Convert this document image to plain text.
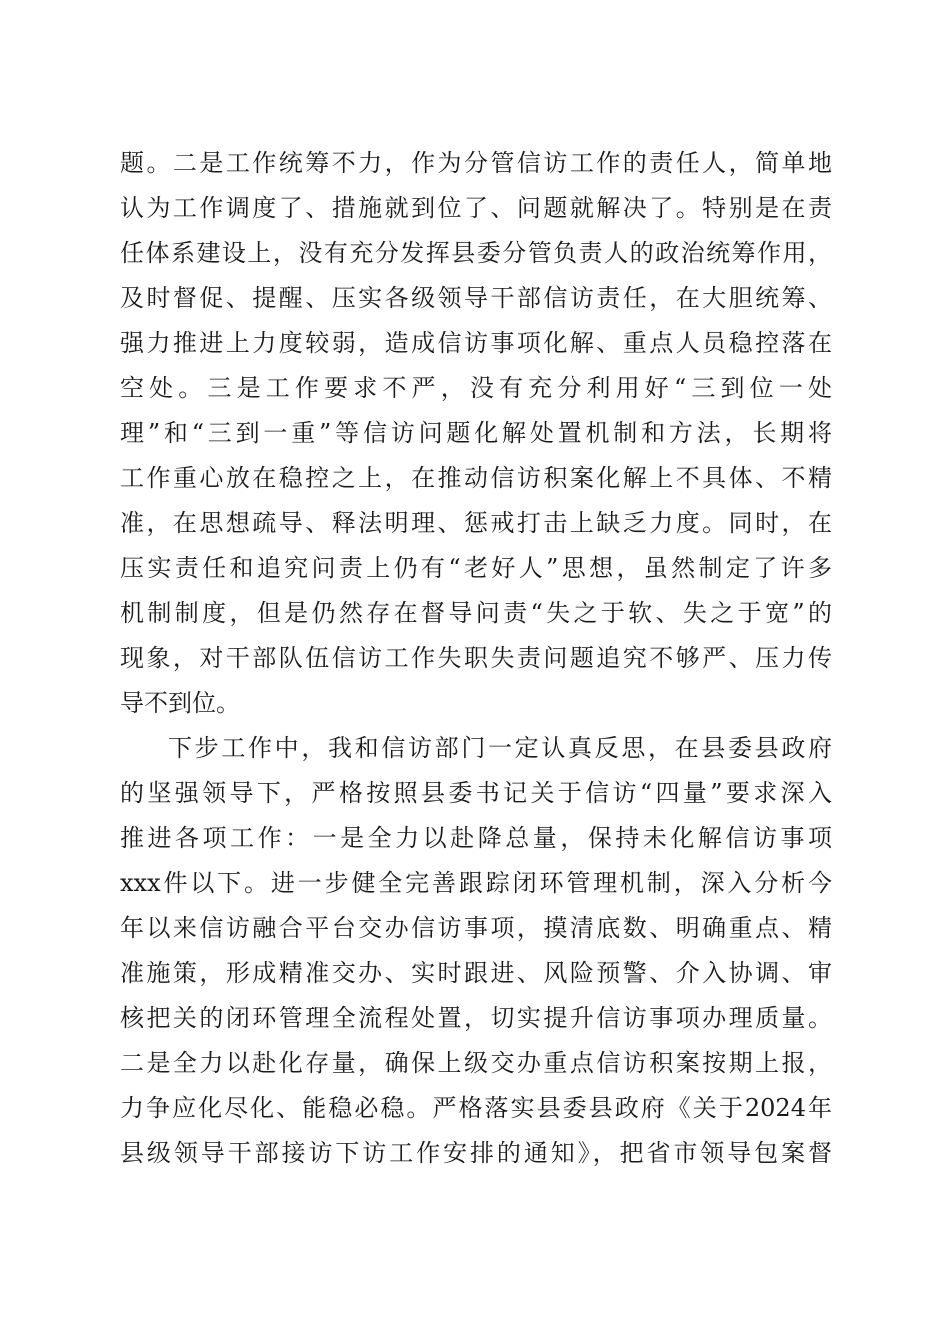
题。二是工作统筹不力，作为分管信访工作的责任人，简单地
认为工作调度了、措施就到位了、问题就解决了。特别是在责
任体系建设上，没有充分发挥县委分管负责人的政治统筹作用，
及时督促、提醒、压实各级领导干部信访责任，在大胆统筹、
强力推进上力度较弱，造成信访事项化解、重点人员稳控落在
空处。三是工作要求不严，没有充分利用好“三到位一处
理”和“三到一重”等信访问题化解处置机制和方法，长期将
工作重心放在稳控之上，在推动信访积案化解上不具体、不精
准，在思想疏导、释法明理、惩戒打击上缺乏力度。同时，在
压实责任和追究问责上仍有“老好人”思想，虽然制定了许多
机制制度，但是仍然存在督导问责“失之于软、失之于宽”的
现象，对干部队伍信访工作失职失责问题追究不够严、压力传
导不到位。
下步工作中，我和信访部门一定认真反思，在县委县政府
的坚强领导下，严格按照县委书记关于信访“四量”要求深入
推进各项工作：一是全力以赴降总量，保持未化解信访事项
xxx件以下。进一步健全完善跟踪闭环管理机制，深入分析今
年以来信访融合平台交办信访事项，摸清底数、明确重点、精
准施策，形成精准交办、实时跟进、风险预警、介入协调、审
核把关的闭环管理全流程处置，切实提升信访事项办理质量。
二是全力以赴化存量，确保上级交办重点信访积案按期上报，
力争应化尽化、能稳必稳。严格落实县委县政府《关于2024年
县级领导干部接访下访工作安排的通知》，把省市领导包案督
